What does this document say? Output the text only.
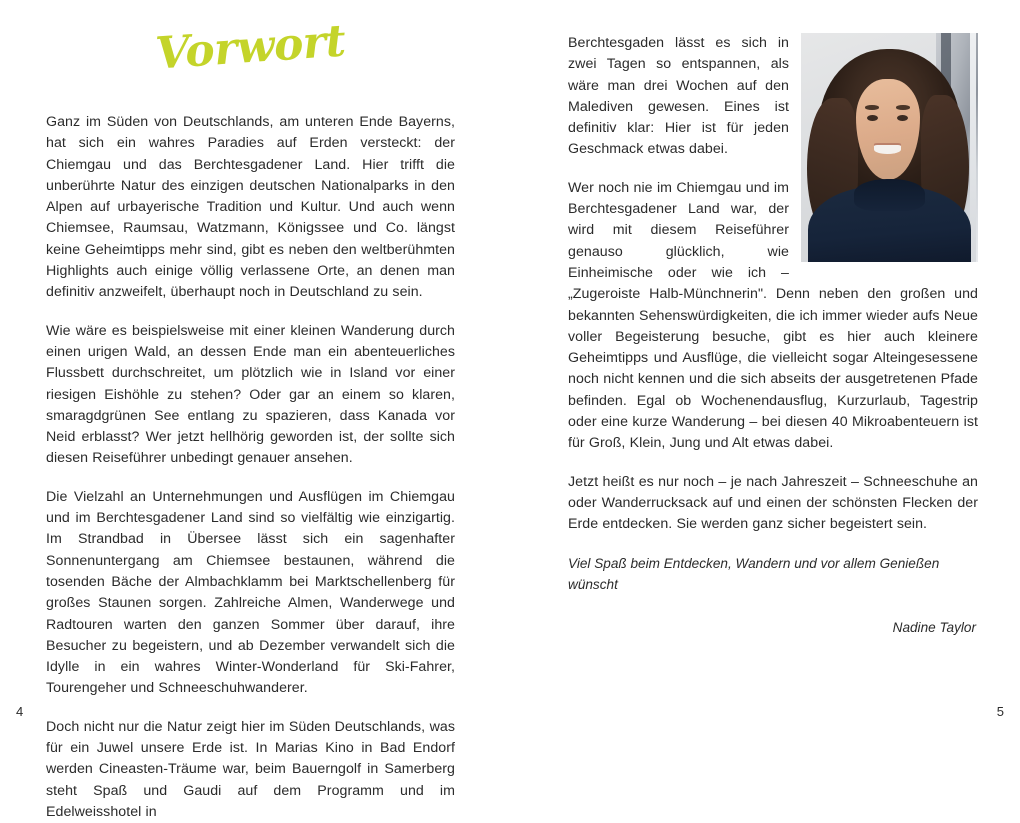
Vorwort

Ganz im Süden von Deutschlands, am unteren Ende Bayerns, hat sich ein wahres Paradies auf Erden versteckt: der Chiemgau und das Berchtesgadener Land. Hier trifft die unberührte Natur des einzigen deutschen Nationalparks in den Alpen auf urbayerische Tradition und Kultur. Und auch wenn Chiemsee, Raumsau, Watzmann, Königssee und Co. längst keine Geheimtipps mehr sind, gibt es neben den weltberühmten Highlights auch einige völlig verlassene Orte, an denen man definitiv anzweifelt, überhaupt noch in Deutschland zu sein.

Wie wäre es beispielsweise mit einer kleinen Wanderung durch einen urigen Wald, an dessen Ende man ein abenteuerliches Flussbett durchschreitet, um plötzlich wie in Island vor einer riesigen Eishöhle zu stehen? Oder gar an einem so klaren, smaragdgrünen See entlang zu spazieren, dass Kanada vor Neid erblasst? Wer jetzt hellhörig geworden ist, der sollte sich diesen Reiseführer unbedingt genauer ansehen.

Die Vielzahl an Unternehmungen und Ausflügen im Chiemgau und im Berchtesgadener Land sind so vielfältig wie einzigartig. Im Strandbad in Übersee lässt sich ein sagenhafter Sonnenuntergang am Chiemsee bestaunen, während die tosenden Bäche der Almbachklamm bei Marktschellenberg für großes Staunen sorgen. Zahlreiche Almen, Wanderwege und Radtouren warten den ganzen Sommer über darauf, ihre Besucher zu begeistern, und ab Dezember verwandelt sich die Idylle in ein wahres Winter-Wonderland für Ski-Fahrer, Tourengeher und Schneeschuhwanderer.

Doch nicht nur die Natur zeigt hier im Süden Deutschlands, was für ein Juwel unsere Erde ist. In Marias Kino in Bad Endorf werden Cineasten-Träume war, beim Bauerngolf in Samerberg steht Spaß und Gaudi auf dem Programm und im Edelweisshotel in

4

Berchtesgaden lässt es sich in zwei Tagen so entspannen, als wäre man drei Wochen auf den Malediven gewesen. Eines ist definitiv klar: Hier ist für jeden Geschmack etwas dabei.

Wer noch nie im Chiemgau und im Berchtesgadener Land war, der wird mit diesem Reiseführer genauso glücklich, wie Einheimische oder wie ich – „Zugeroiste Halb-Münchnerin". Denn neben den großen und bekannten Sehenswürdigkeiten, die ich immer wieder aufs Neue voller Begeisterung besuche, gibt es hier auch kleinere Geheimtipps und Ausflüge, die vielleicht sogar Alteingesessene noch nicht kennen und die sich abseits der ausgetretenen Pfade befinden. Egal ob Wochenendausflug, Kurzurlaub, Tagestrip oder eine kurze Wanderung – bei diesen 40 Mikroabenteuern ist für Groß, Klein, Jung und Alt etwas dabei.

Jetzt heißt es nur noch – je nach Jahreszeit – Schneeschuhe an oder Wanderrucksack auf und einen der schönsten Flecken der Erde entdecken. Sie werden ganz sicher begeistert sein.

Viel Spaß beim Entdecken, Wandern und vor allem Genießen wünscht

Nadine Taylor

5
